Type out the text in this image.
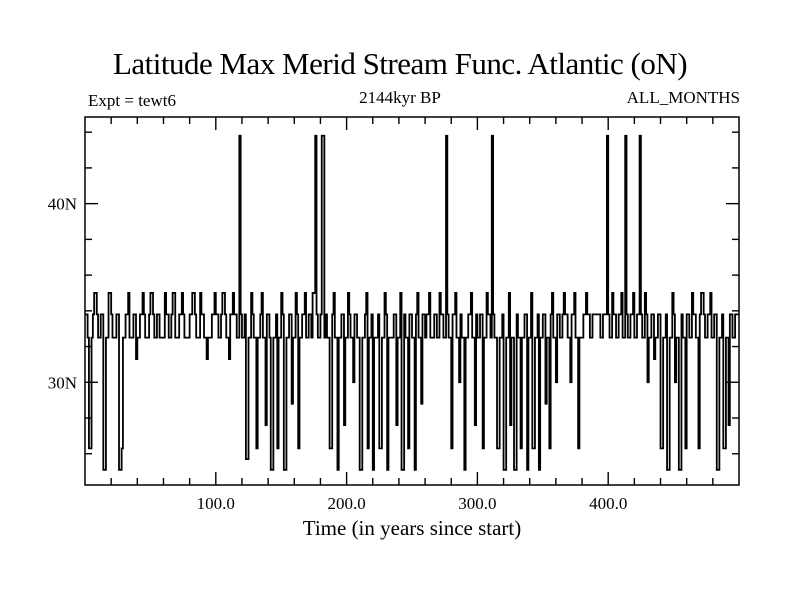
Latitude Max Merid Stream Func. Atlantic (oN)
Expt = tewt6	2144kyr BP	ALL_MONTHS
100.0	200.0	300.0	400.0
30N
40N
Time (in years since start)
